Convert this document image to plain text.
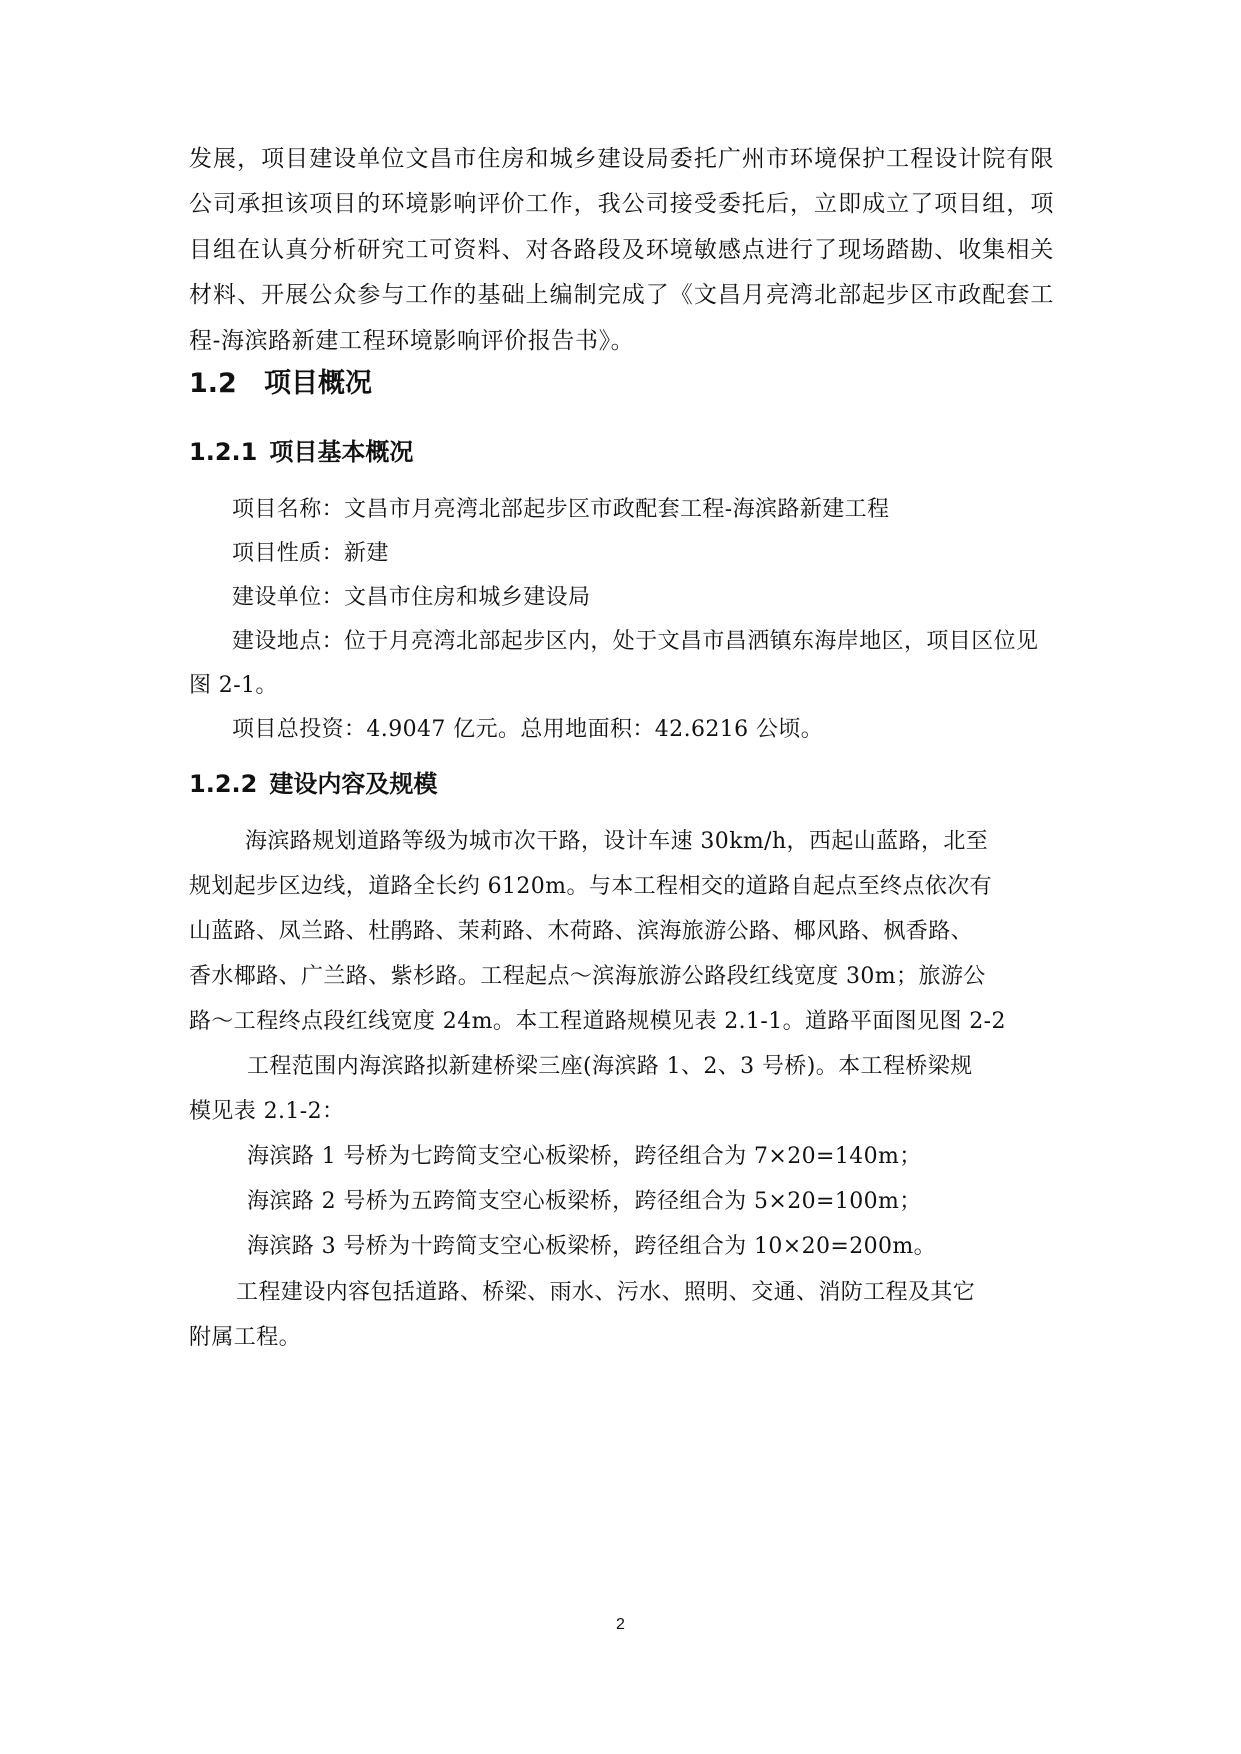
发展，项目建设单位文昌市住房和城乡建设局委托广州市环境保护工程设计院有限公司承担该项目的环境影响评价工作，我公司接受委托后，立即成立了项目组，项目组在认真分析研究工可资料、对各路段及环境敏感点进行了现场踏勘、收集相关材料、开展公众参与工作的基础上编制完成了《文昌月亮湾北部起步区市政配套工程-海滨路新建工程环境影响评价报告书》。

1.2 项目概况
1.2.1 项目基本概况

项目名称：文昌市月亮湾北部起步区市政配套工程-海滨路新建工程

项目性质：新建

建设单位：文昌市住房和城乡建设局

建设地点：位于月亮湾北部起步区内，处于文昌市昌洒镇东海岸地区，项目区位见

图 2-1。

项目总投资：4.9047 亿元。总用地面积：42.6216 公顷。

1.2.2 建设内容及规模

海滨路规划道路等级为城市次干路，设计车速 30km/h，西起山蓝路，北至

规划起步区边线，道路全长约 6120m。与本工程相交的道路自起点至终点依次有

山蓝路、凤兰路、杜鹃路、茉莉路、木荷路、滨海旅游公路、椰风路、枫香路、

香水椰路、广兰路、紫杉路。工程起点～滨海旅游公路段红线宽度 30m；旅游公

路～工程终点段红线宽度 24m。本工程道路规模见表 2.1-1。道路平面图见图 2-2

工程范围内海滨路拟新建桥梁三座(海滨路 1、2、3 号桥)。本工程桥梁规

模见表 2.1-2：

海滨路 1 号桥为七跨简支空心板梁桥，跨径组合为 7×20=140m；

海滨路 2 号桥为五跨简支空心板梁桥，跨径组合为 5×20=100m；

海滨路 3 号桥为十跨简支空心板梁桥，跨径组合为 10×20=200m。

工程建设内容包括道路、桥梁、雨水、污水、照明、交通、消防工程及其它

附属工程。

2
